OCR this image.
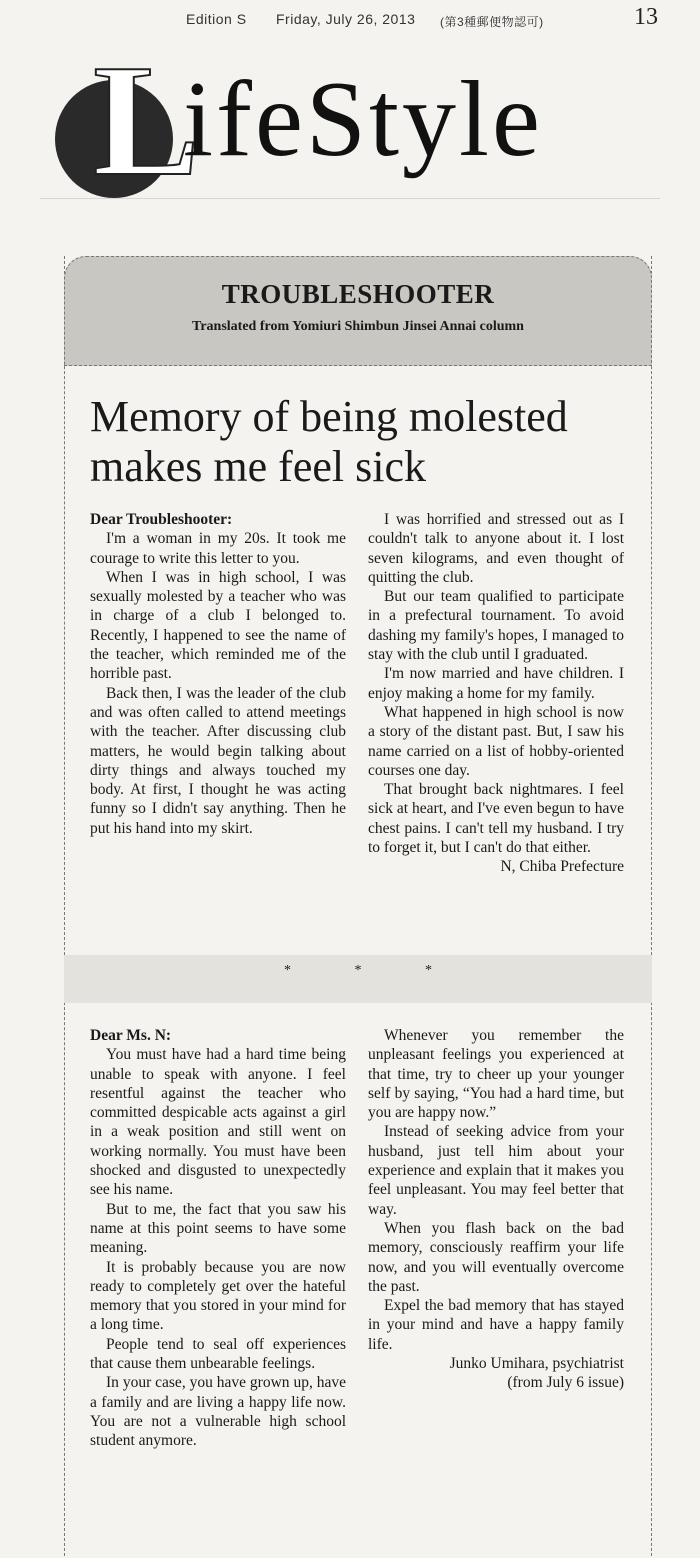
Edition S Friday, July 26, 2013 (第3種郵便物認可)	13
L
ifeStyle
TROUBLESHOOTER
Translated from Yomiuri Shimbun Jinsei Annai column
Memory of being molested makes me feel sick

Dear Troubleshooter:

I'm a woman in my 20s. It took me courage to write this letter to you.

When I was in high school, I was sexually molested by a teacher who was in charge of a club I belonged to. Recently, I happened to see the name of the teacher, which reminded me of the horrible past.

Back then, I was the leader of the club and was often called to attend meetings with the teacher. After discussing club matters, he would begin talking about dirty things and always touched my body. At first, I thought he was acting funny so I didn't say anything. Then he put his hand into my skirt.

I was horrified and stressed out as I couldn't talk to anyone about it. I lost seven kilograms, and even thought of quitting the club.

But our team qualified to participate in a prefectural tournament. To avoid dashing my family's hopes, I managed to stay with the club until I graduated.

I'm now married and have children. I enjoy making a home for my family.

What happened in high school is now a story of the distant past. But, I saw his name carried on a list of hobby-oriented courses one day.

That brought back nightmares. I feel sick at heart, and I've even begun to have chest pains. I can't tell my husband. I try to forget it, but I can't do that either.

N, Chiba Prefecture

* * *

Dear Ms. N:

You must have had a hard time being unable to speak with anyone. I feel resentful against the teacher who committed despicable acts against a girl in a weak position and still went on working normally. You must have been shocked and disgusted to unexpectedly see his name.

But to me, the fact that you saw his name at this point seems to have some meaning.

It is probably because you are now ready to completely get over the hateful memory that you stored in your mind for a long time.

People tend to seal off experiences that cause them unbearable feelings.

In your case, you have grown up, have a family and are living a happy life now. You are not a vulnerable high school student anymore.

Whenever you remember the unpleasant feelings you experienced at that time, try to cheer up your younger self by saying, “You had a hard time, but you are happy now.”

Instead of seeking advice from your husband, just tell him about your experience and explain that it makes you feel unpleasant. You may feel better that way.

When you flash back on the bad memory, consciously reaffirm your life now, and you will eventually overcome the past.

Expel the bad memory that has stayed in your mind and have a happy family life.

Junko Umihara, psychiatrist

(from July 6 issue)
